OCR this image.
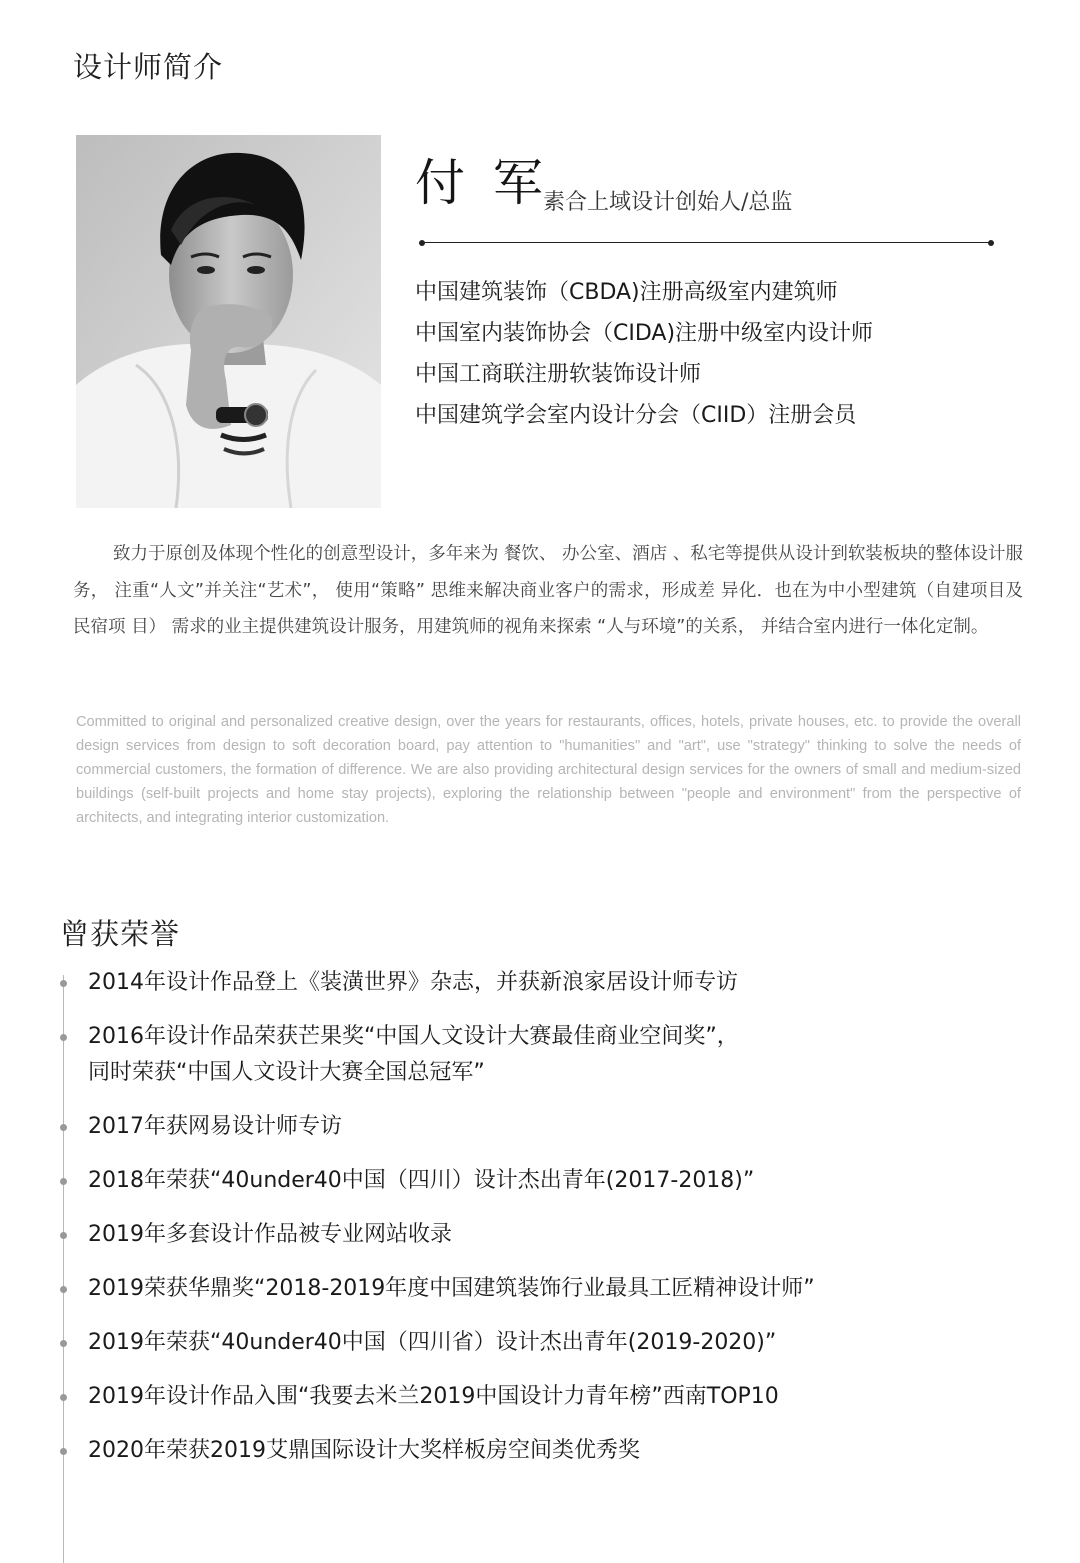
设计师简介
付 军
素合上域设计创始人/总监
中国建筑装饰（CBDA)注册高级室内建筑师
中国室内装饰协会（CIDA)注册中级室内设计师
中国工商联注册软装饰设计师
中国建筑学会室内设计分会（CIID）注册会员

致力于原创及体现个性化的创意型设计，多年来为 餐饮、 办公室、酒店 、私宅等提供从设计到软装板块的整体设计服务， 注重“人文”并关注“艺术”， 使用“策略” 思维来解决商业客户的需求，形成差 异化．也在为中小型建筑（自建项目及民宿项 目） 需求的业主提供建筑设计服务，用建筑师的视角来探索 “人与环境”的关系， 并结合室内进行一体化定制。

Committed to original and personalized creative design, over the years for restaurants, offices, hotels, private houses, etc. to provide the overall design services from design to soft decoration board, pay attention to "humanities" and "art", use "strategy" thinking to solve the needs of commercial customers, the formation of difference. We are also providing architectural design services for the owners of small and medium-sized buildings (self-built projects and home stay projects), exploring the relationship between "people and environment" from the perspective of architects, and integrating interior customization.

曾获荣誉
2014年设计作品登上《装潢世界》杂志，并获新浪家居设计师专访
2016年设计作品荣获芒果奖“中国人文设计大赛最佳商业空间奖”，
同时荣获“中国人文设计大赛全国总冠军”
2017年获网易设计师专访
2018年荣获“40under40中国（四川）设计杰出青年(2017-2018)”
2019年多套设计作品被专业网站收录
2019荣获华鼎奖“2018-2019年度中国建筑装饰行业最具工匠精神设计师”
2019年荣获“40under40中国（四川省）设计杰出青年(2019-2020)”
2019年设计作品入围“我要去米兰2019中国设计力青年榜”西南TOP10
2020年荣获2019艾鼎国际设计大奖样板房空间类优秀奖
